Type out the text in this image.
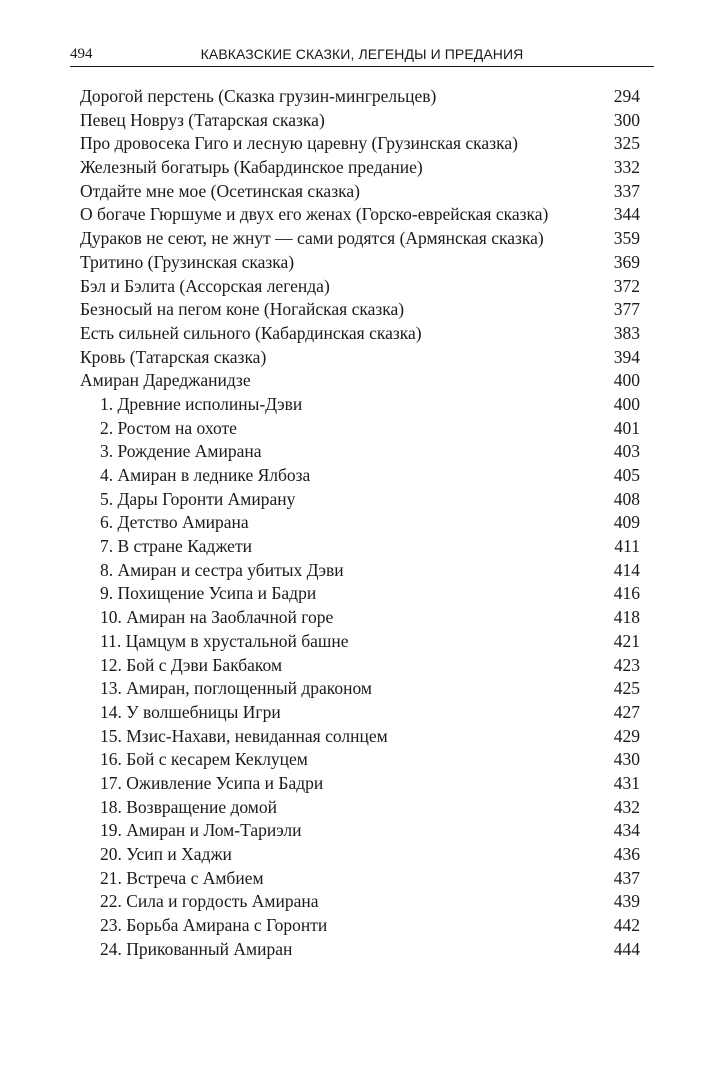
494	КАВКАЗСКИЕ СКАЗКИ, ЛЕГЕНДЫ И ПРЕДАНИЯ
Дорогой перстень (Сказка грузин-мингрельцев)	294
Певец Новруз (Татарская сказка)	300
Про дровосека Гиго и лесную царевну (Грузинская сказка)	325
Железный богатырь (Кабардинское предание)	332
Отдайте мне мое (Осетинская сказка)	337
О богаче Гюршуме и двух его женах (Горско-еврейская сказка)	344
Дураков не сеют, не жнут — сами родятся (Армянская сказка)	359
Тритино (Грузинская сказка)	369
Бэл и Бэлита (Ассорская легенда)	372
Безносый на пегом коне (Ногайская сказка)	377
Есть сильней сильного (Кабардинская сказка)	383
Кровь (Татарская сказка)	394
Амиран Дареджанидзе	400
1. Древние исполины-Дэви	400
2. Ростом на охоте	401
3. Рождение Амирана	403
4. Амиран в леднике Ялбоза	405
5. Дары Горонти Амирану	408
6. Детство Амирана	409
7. В стране Каджети	411
8. Амиран и сестра убитых Дэви	414
9. Похищение Усипа и Бадри	416
10. Амиран на Заоблачной горе	418
11. Цамцум в хрустальной башне	421
12. Бой с Дэви Бакбаком	423
13. Амиран, поглощенный драконом	425
14. У волшебницы Игри	427
15. Мзис-Нахави, невиданная солнцем	429
16. Бой с кесарем Кеклуцем	430
17. Оживление Усипа и Бадри	431
18. Возвращение домой	432
19. Амиран и Лом-Тариэли	434
20. Усип и Хаджи	436
21. Встреча с Амбием	437
22. Сила и гордость Амирана	439
23. Борьба Амирана с Горонти	442
24. Прикованный Амиран	444
